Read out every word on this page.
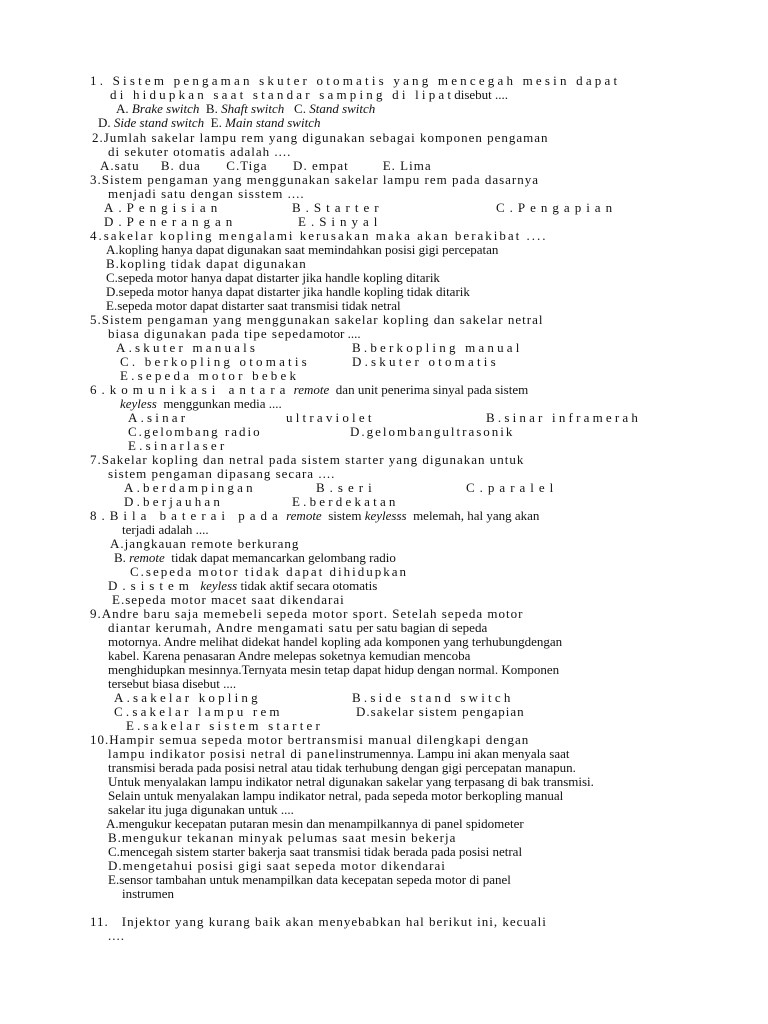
1. Sistem pengaman skuter otomatis yang mencegah mesin dapat
di hidupkan saat standar samping di lipatdisebut ....
A. Brake switch B. Shaft switch C. Stand switch
D. Side stand switch E. Main stand switch
2.Jumlah sakelar lampu rem yang digunakan sebagai komponen pengaman
di sekuter otomatis adalah ....
A.satu     B. dua      C.Tiga      D. empat        E. Lima
3.Sistem pengaman yang menggunakan sakelar lampu rem pada dasarnya
menjadi satu dengan sisstem ....
A.Pengisian	B.Starter	C.Pengapian
D.Penerangan	E.Sinyal
4.sakelar kopling mengalami kerusakan maka akan berakibat ....
A.kopling hanya dapat digunakan saat memindahkan posisi gigi percepatan
B.kopling tidak dapat digunakan
C.sepeda motor hanya dapat distarter jika handle kopling ditarik
D.sepeda motor hanya dapat distarter jika handle kopling tidak ditarik
E.sepeda motor dapat distarter saat transmisi tidak netral
5.Sistem pengaman yang menggunakan sakelar kopling dan sakelar netral
biasa digunakan pada tipe sepedamotor ....
A.skuter manuals	B.berkopling manual
C. berkopling otomatis	D.skuter otomatis
E.sepeda motor bebek
6.komunikasi antara remote dan unit penerima sinyal pada sistem
keyless menggunkan media ....
A.sinar	ultraviolet	B.sinar inframerah
C.gelombang radio	D.gelombangultrasonik
E.sinarlaser
7.Sakelar kopling dan netral pada sistem starter yang digunakan untuk
sistem pengaman dipasang secara ....
A.berdampingan	B.seri	C.paralel
D.berjauhan	E.berdekatan
8.Bila baterai pada remote sistem keylesss melemah, hal yang akan
terjadi adalah ....
A.jangkauan remote berkurang
B. remote tidak dapat memancarkan gelombang radio
C.sepeda motor tidak dapat dihidupkan
D.sistem keyless tidak aktif secara otomatis
E.sepeda motor macet saat dikendarai
9.Andre baru saja memebeli sepeda motor sport. Setelah sepeda motor
diantar kerumah, Andre mengamati satu per satu bagian di sepeda
motornya. Andre melihat didekat handel kopling ada komponen yang terhubungdengan
kabel. Karena penasaran Andre melepas soketnya kemudian mencoba
menghidupkan mesinnya.Ternyata mesin tetap dapat hidup dengan normal. Komponen
tersebut biasa disebut ....
A.sakelar kopling	B.side stand switch
C.sakelar lampu rem	D.sakelar sistem pengapian
E.sakelar sistem starter
10.Hampir semua sepeda motor bertransmisi manual dilengkapi dengan
lampu indikator posisi netral di panelinstrumennya. Lampu ini akan menyala saat
transmisi berada pada posisi netral atau tidak terhubung dengan gigi percepatan manapun.
Untuk menyalakan lampu indikator netral digunakan sakelar yang terpasang di bak transmisi.
Selain untuk menyalakan lampu indikator netral, pada sepeda motor berkopling manual
sakelar itu juga digunakan untuk ....
A.mengukur kecepatan putaran mesin dan menampilkannya di panel spidometer
B.mengukur tekanan minyak pelumas saat mesin bekerja
C.mencegah sistem starter bakerja saat transmisi tidak berada pada posisi netral
D.mengetahui posisi gigi saat sepeda motor dikendarai
E.sensor tambahan untuk menampilkan data kecepatan sepeda motor di panel
instrumen
11. Injektor yang kurang baik akan menyebabkan hal berikut ini, kecuali
....
